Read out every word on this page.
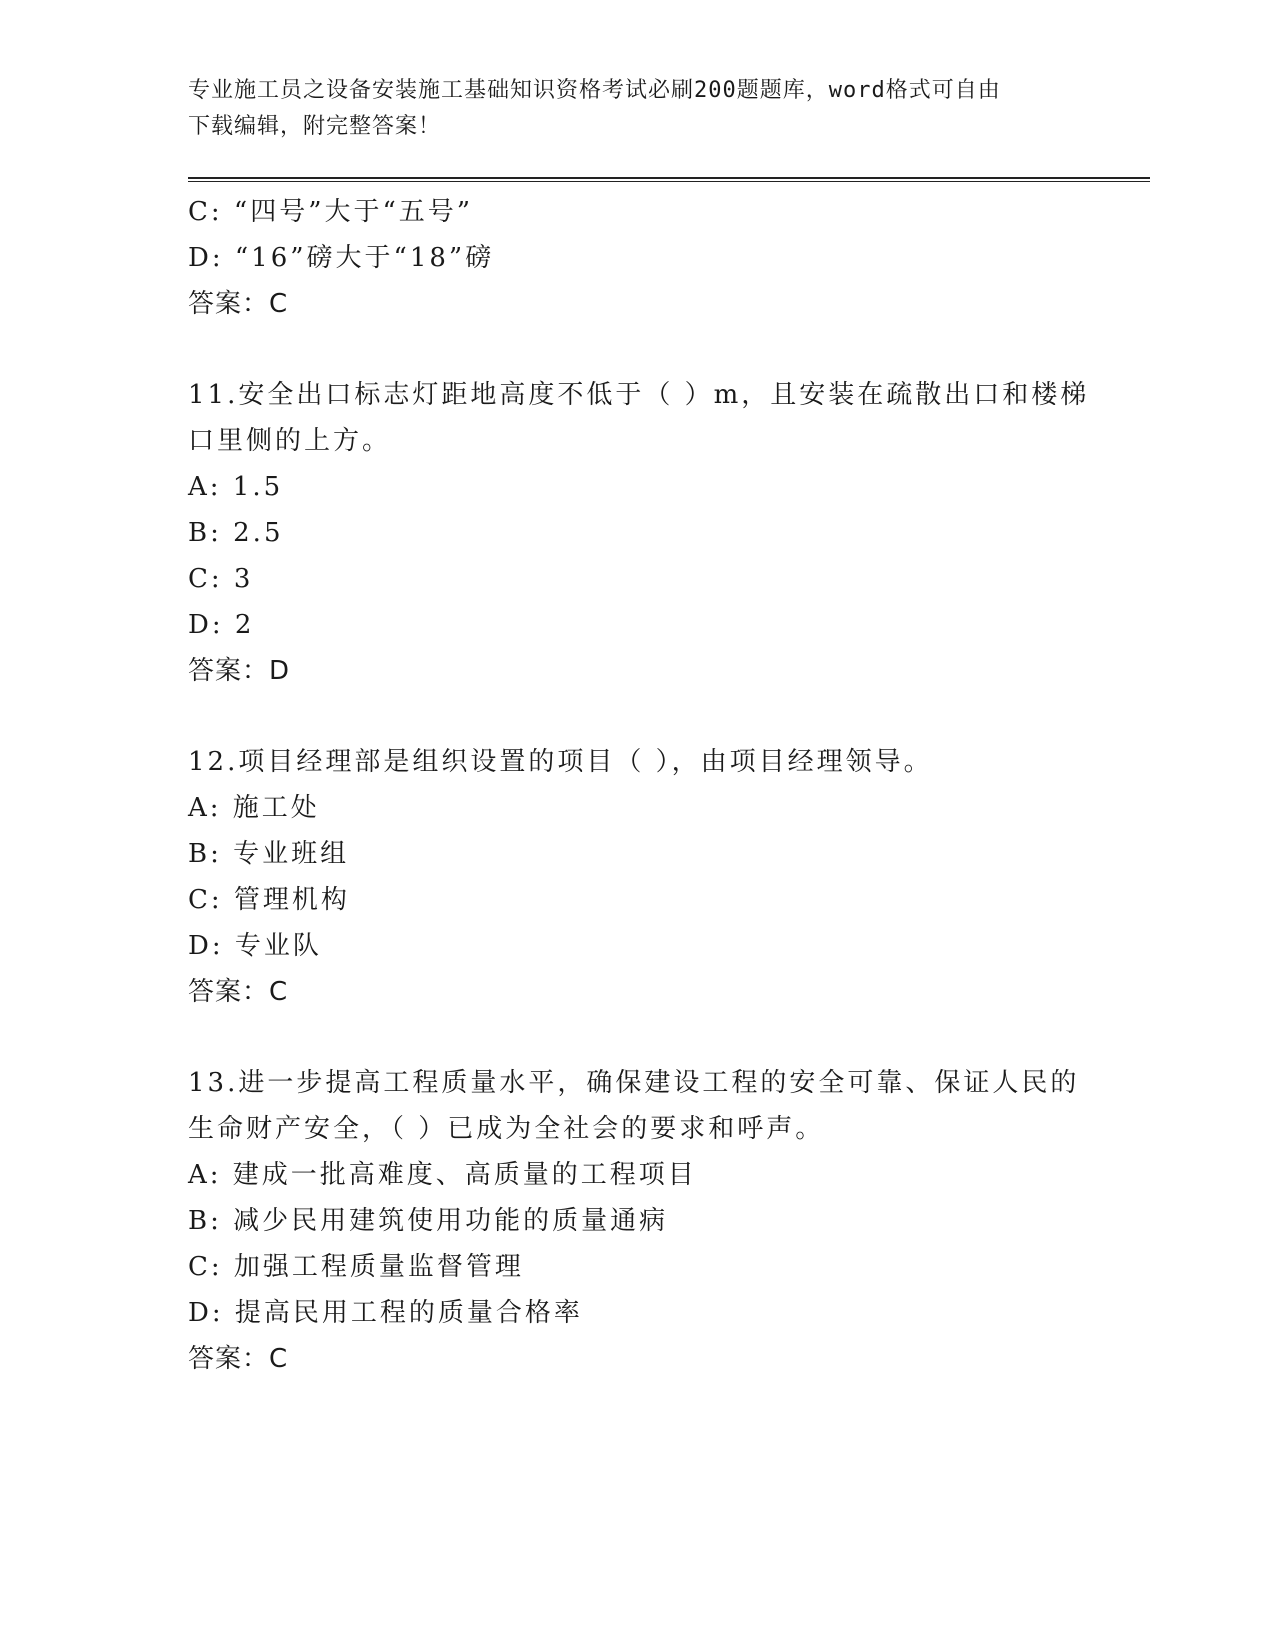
专业施工员之设备安装施工基础知识资格考试必刷200题题库，word格式可自由
下载编辑，附完整答案！
C: “四号”大于“五号”
D: “16”磅大于“18”磅
答案：C
11.安全出口标志灯距地高度不低于（ ）m，且安装在疏散出口和楼梯
口里侧的上方。
A: 1.5
B: 2.5
C: 3
D: 2
答案：D
12.项目经理部是组织设置的项目（ ），由项目经理领导。
A: 施工处
B: 专业班组
C: 管理机构
D: 专业队
答案：C
13.进一步提高工程质量水平，确保建设工程的安全可靠、保证人民的
生命财产安全，（ ）已成为全社会的要求和呼声。
A: 建成一批高难度、高质量的工程项目
B: 减少民用建筑使用功能的质量通病
C: 加强工程质量监督管理
D: 提高民用工程的质量合格率
答案：C
